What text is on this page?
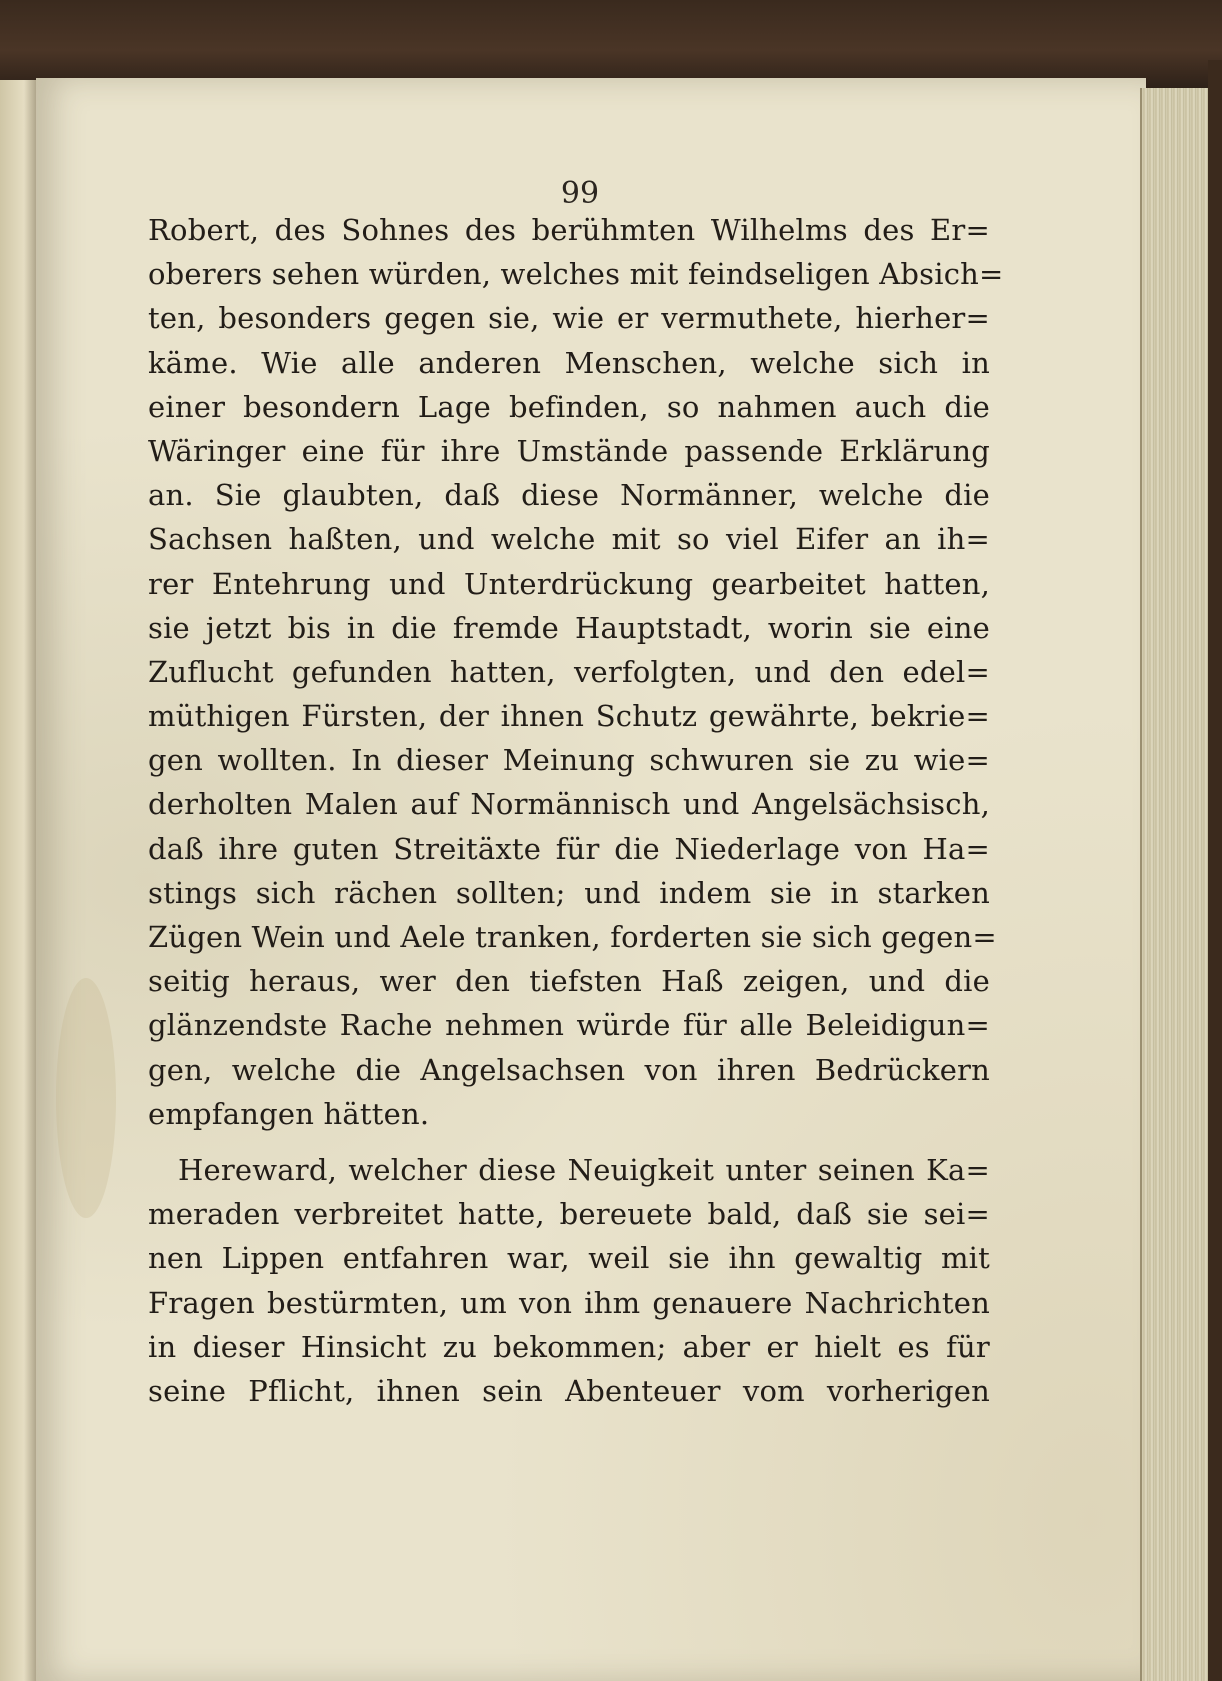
99
Robert, des Sohnes des berühmten Wilhelms des Er=
oberers sehen würden, welches mit feindseligen Absich=
ten, besonders gegen sie, wie er vermuthete, hierher=
käme. Wie alle anderen Menschen, welche sich in
einer besondern Lage befinden, so nahmen auch die
Wäringer eine für ihre Umstände passende Erklärung
an. Sie glaubten, daß diese Normänner, welche die
Sachsen haßten, und welche mit so viel Eifer an ih=
rer Entehrung und Unterdrückung gearbeitet hatten,
sie jetzt bis in die fremde Hauptstadt, worin sie eine
Zuflucht gefunden hatten, verfolgten, und den edel=
müthigen Fürsten, der ihnen Schutz gewährte, bekrie=
gen wollten. In dieser Meinung schwuren sie zu wie=
derholten Malen auf Normännisch und Angelsächsisch,
daß ihre guten Streitäxte für die Niederlage von Ha=
stings sich rächen sollten; und indem sie in starken
Zügen Wein und Aele tranken, forderten sie sich gegen=
seitig heraus, wer den tiefsten Haß zeigen, und die
glänzendste Rache nehmen würde für alle Beleidigun=
gen, welche die Angelsachsen von ihren Bedrückern
empfangen hätten.
Hereward, welcher diese Neuigkeit unter seinen Ka=
meraden verbreitet hatte, bereuete bald, daß sie sei=
nen Lippen entfahren war, weil sie ihn gewaltig mit
Fragen bestürmten, um von ihm genauere Nachrichten
in dieser Hinsicht zu bekommen; aber er hielt es für
seine Pflicht, ihnen sein Abenteuer vom vorherigen
